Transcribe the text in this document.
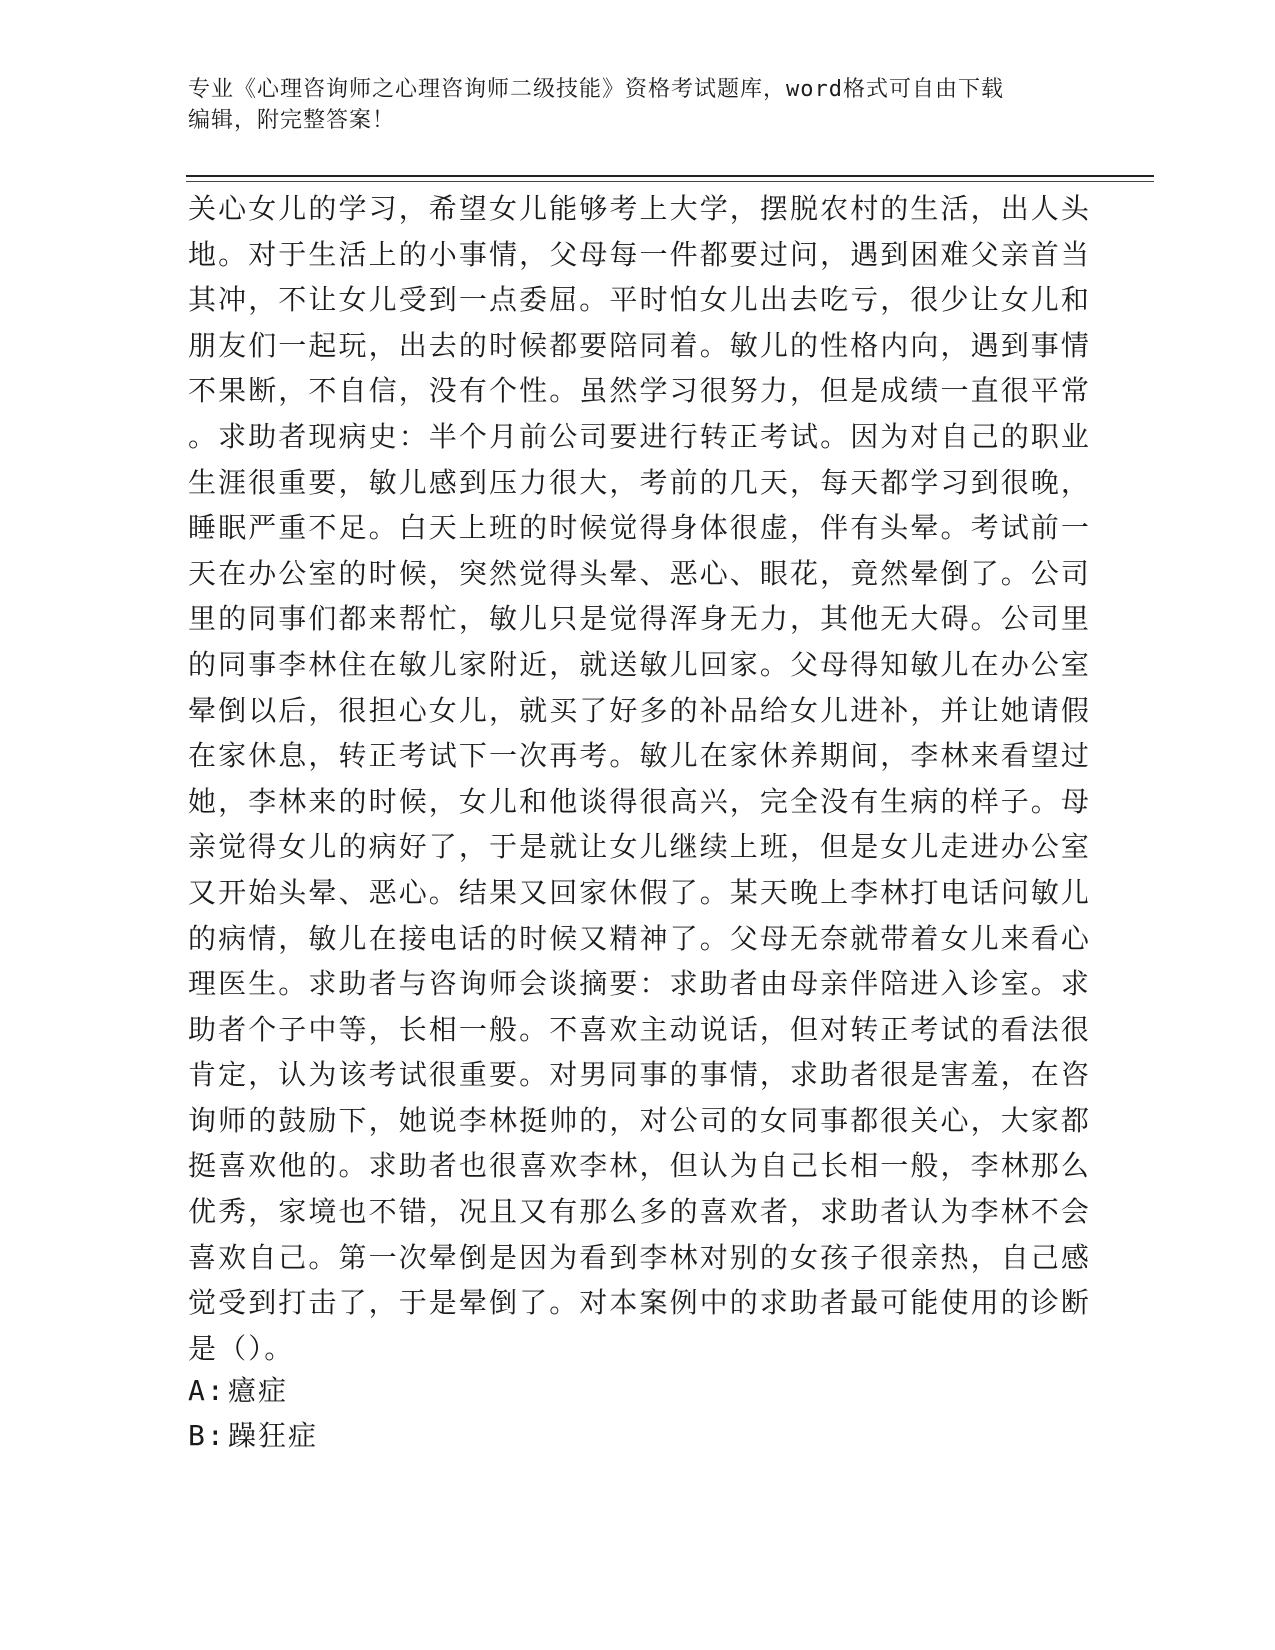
专业《心理咨询师之心理咨询师二级技能》资格考试题库，word格式可自由下载
编辑，附完整答案！
关心女儿的学习，希望女儿能够考上大学，摆脱农村的生活，出人头
地。对于生活上的小事情，父母每一件都要过问，遇到困难父亲首当
其冲，不让女儿受到一点委屈。平时怕女儿出去吃亏，很少让女儿和
朋友们一起玩，出去的时候都要陪同着。敏儿的性格内向，遇到事情
不果断，不自信，没有个性。虽然学习很努力，但是成绩一直很平常
。求助者现病史：半个月前公司要进行转正考试。因为对自己的职业
生涯很重要，敏儿感到压力很大，考前的几天，每天都学习到很晚，
睡眠严重不足。白天上班的时候觉得身体很虚，伴有头晕。考试前一
天在办公室的时候，突然觉得头晕、恶心、眼花，竟然晕倒了。公司
里的同事们都来帮忙，敏儿只是觉得浑身无力，其他无大碍。公司里
的同事李林住在敏儿家附近，就送敏儿回家。父母得知敏儿在办公室
晕倒以后，很担心女儿，就买了好多的补品给女儿进补，并让她请假
在家休息，转正考试下一次再考。敏儿在家休养期间，李林来看望过
她，李林来的时候，女儿和他谈得很高兴，完全没有生病的样子。母
亲觉得女儿的病好了，于是就让女儿继续上班，但是女儿走进办公室
又开始头晕、恶心。结果又回家休假了。某天晚上李林打电话问敏儿
的病情，敏儿在接电话的时候又精神了。父母无奈就带着女儿来看心
理医生。求助者与咨询师会谈摘要：求助者由母亲伴陪进入诊室。求
助者个子中等，长相一般。不喜欢主动说话，但对转正考试的看法很
肯定，认为该考试很重要。对男同事的事情，求助者很是害羞，在咨
询师的鼓励下，她说李林挺帅的，对公司的女同事都很关心，大家都
挺喜欢他的。求助者也很喜欢李林，但认为自己长相一般，李林那么
优秀，家境也不错，况且又有那么多的喜欢者，求助者认为李林不会
喜欢自己。第一次晕倒是因为看到李林对别的女孩子很亲热，自己感
觉受到打击了，于是晕倒了。对本案例中的求助者最可能使用的诊断
是（）。
A:癔症
B:躁狂症
